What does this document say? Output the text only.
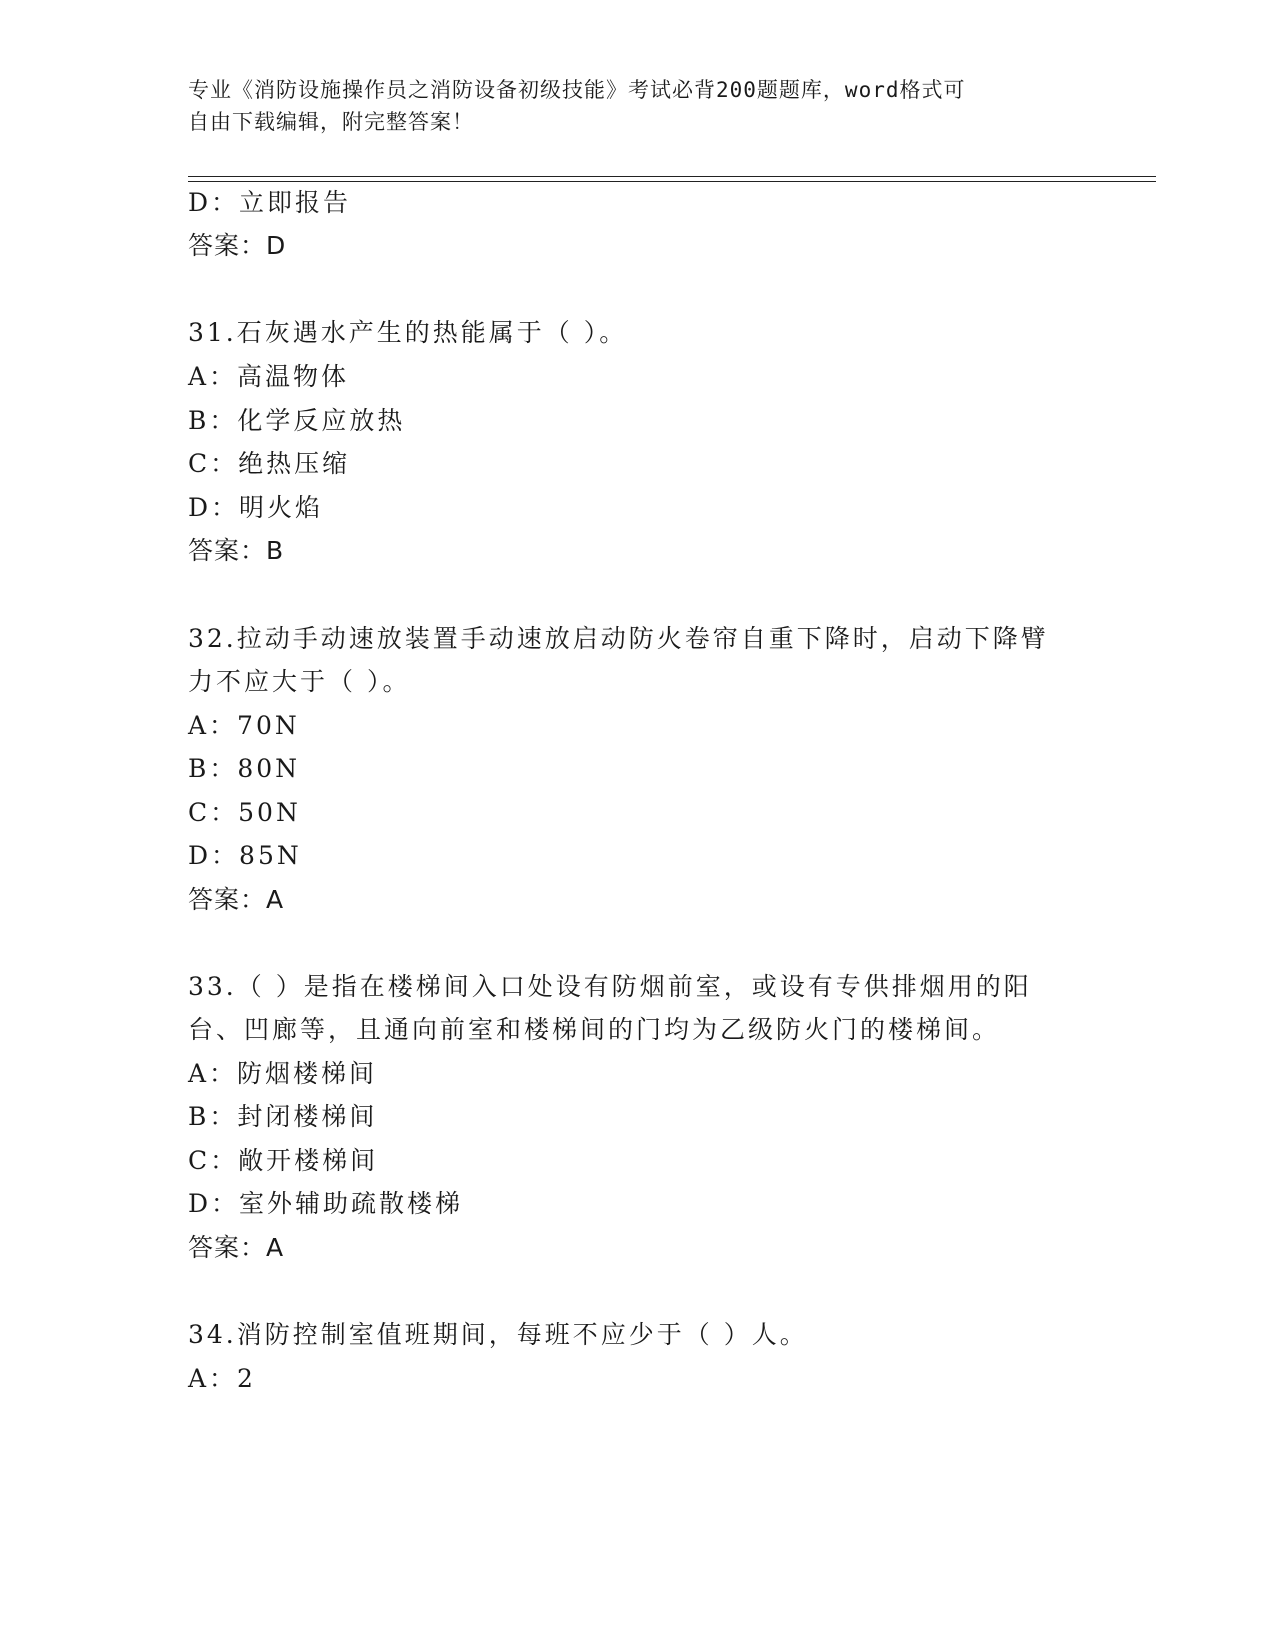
专业《消防设施操作员之消防设备初级技能》考试必背200题题库，word格式可
自由下载编辑，附完整答案！
D：立即报告
答案：D
31.石灰遇水产生的热能属于（ ）。
A：高温物体
B：化学反应放热
C：绝热压缩
D：明火焰
答案：B
32.拉动手动速放装置手动速放启动防火卷帘自重下降时，启动下降臂
力不应大于（ ）。
A：70N
B：80N
C：50N
D：85N
答案：A
33.（ ）是指在楼梯间入口处设有防烟前室，或设有专供排烟用的阳
台、凹廊等，且通向前室和楼梯间的门均为乙级防火门的楼梯间。
A：防烟楼梯间
B：封闭楼梯间
C：敞开楼梯间
D：室外辅助疏散楼梯
答案：A
34.消防控制室值班期间，每班不应少于（ ）人。
A：2
